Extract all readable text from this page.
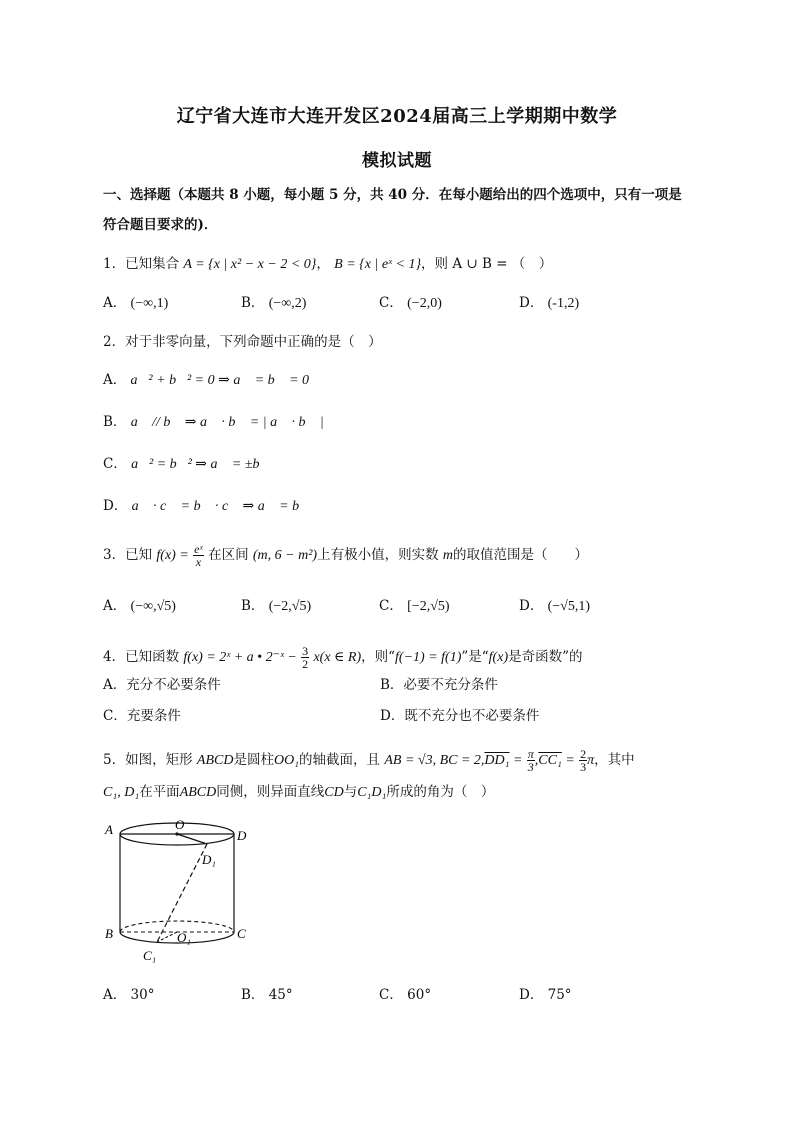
辽宁省大连市大连开发区2024届高三上学期期中数学
模拟试题
一、选择题（本题共 8 小题，每小题 5 分，共 40 分．在每小题给出的四个选项中，只有一项是
符合题目要求的)．
1．已知集合 A = {x | x² − x − 2 < 0}， B = {x | eˣ < 1}，则 A ∪ B = （　）
A． (−∞,1)	B． (−∞,2)	C． (−2,0)	D． (-1,2)
2．对于非零向量，下列命题中正确的是（　）
A． a⃗² + b⃗² = 0 ⇒ a⃗ = b⃗ = 0⃗
B． a⃗ // b⃗ ⇒ a⃗ · b⃗ = | a⃗ · b⃗ |
C． a⃗² = b⃗² ⇒ a⃗ = ±b⃗
D． a⃗ · c⃗ = b⃗ · c⃗ ⇒ a⃗ = b⃗
3．已知 $f(x) = \frac{\text{eˣ}}{x}$ 在区间 (m, 6 − m²)上有极小值，则实数 m的取值范围是（　　）
A． (−∞,√5)	B． (−2,√5)	C． [−2,√5)	D． (−√5,1)
4．已知函数 f(x) = 2ˣ + a • 2⁻ˣ − $\frac{3}{2} x(x$ ∈ R)，则“f(−1) = f(1)”是“f(x)是奇函数”的
A．充分不必要条件	B．必要不充分条件
C．充要条件	D．既不充分也不必要条件
5．如图，矩形 ABCD是圆柱OO₁的轴截面，且 AB = √3, BC = $2,DD_1 = \frac{\pi}{3} ,CC_1 = \frac{2}{3}$ π，其中
C₁, D₁在平面ABCD同侧，则异面直线CD与C₁D₁所成的角为（　）
A	O
D
D₁
B	O₁	C
C₁
A． 30°	B． 45°	C． 60°	D． 75°
